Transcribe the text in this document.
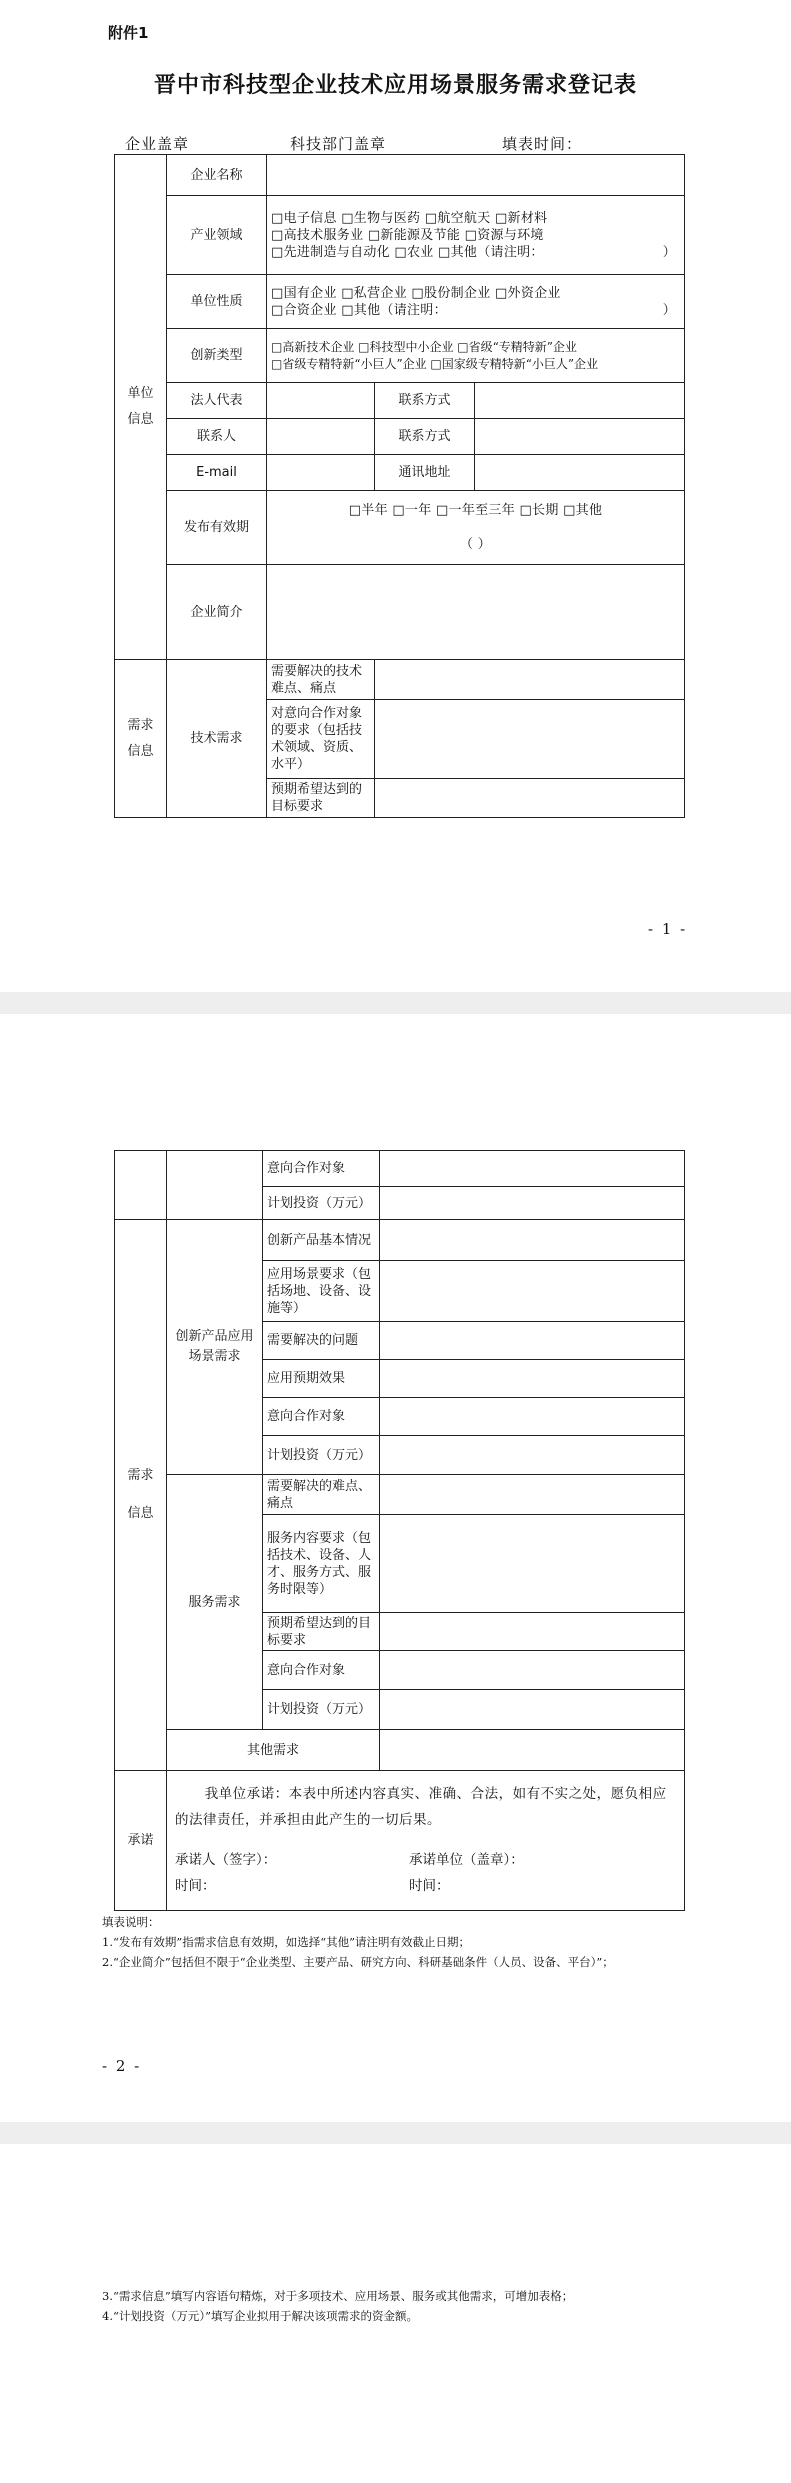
附件1
晋中市科技型企业技术应用场景服务需求登记表
企业盖章	科技部门盖章	填表时间：
单位
信息	企业名称			
	产业领域	□电子信息 □生物与医药 □航空航天 □新材料
□高技术服务业 □新能源及节能 □资源与环境
□先进制造与自动化 □农业 □其他（请注明： ）		

	单位性质	□国有企业 □私营企业 □股份制企业 □外资企业
□合资企业 □其他（请注明： ）		

	创新类型	□高新技术企业 □科技型中小企业 □省级“专精特新”企业
□省级专精特新“小巨人”企业 □国家级专精特新“小巨人”企业		

	法人代表		联系方式	
	联系人		联系方式	
	E-mail		通讯地址	
	发布有效期	□半年 □一年 □一年至三年 □长期 □其他
（ ）		

	企业简介			

需求
信息	技术需求	需要解决的技术难点、痛点		
		对意向合作对象的要求（包括技术领域、资质、水平）		
		预期希望达到的目标要求		
- 1 -
		意向合作对象	
		计划投资（万元）	

需求
信息	创新产品应用场景需求	创新产品基本情况	
		应用场景要求（包括场地、设备、设施等）	
		需要解决的问题	
		应用预期效果	
		意向合作对象	
		计划投资（万元）	
	服务需求	需要解决的难点、痛点	
		服务内容要求（包括技术、设备、人才、服务方式、服务时限等）	
		预期希望达到的目标要求	
		意向合作对象	
		计划投资（万元）	
	其他需求		
承诺	我单位承诺：本表中所述内容真实、准确、合法，如有不实之处，愿负相应的法律责任，并承担由此产生的一切后果。
承诺人（签字）： 承诺单位（盖章）：
时间： 时间：		
填表说明：
1.“发布有效期”指需求信息有效期，如选择“其他”请注明有效截止日期；
2.“企业简介”包括但不限于“企业类型、主要产品、研究方向、科研基础条件（人员、设备、平台）”；
- 2 -
3.“需求信息”填写内容语句精炼，对于多项技术、应用场景、服务或其他需求，可增加表格；
4.“计划投资（万元）”填写企业拟用于解决该项需求的资金额。
